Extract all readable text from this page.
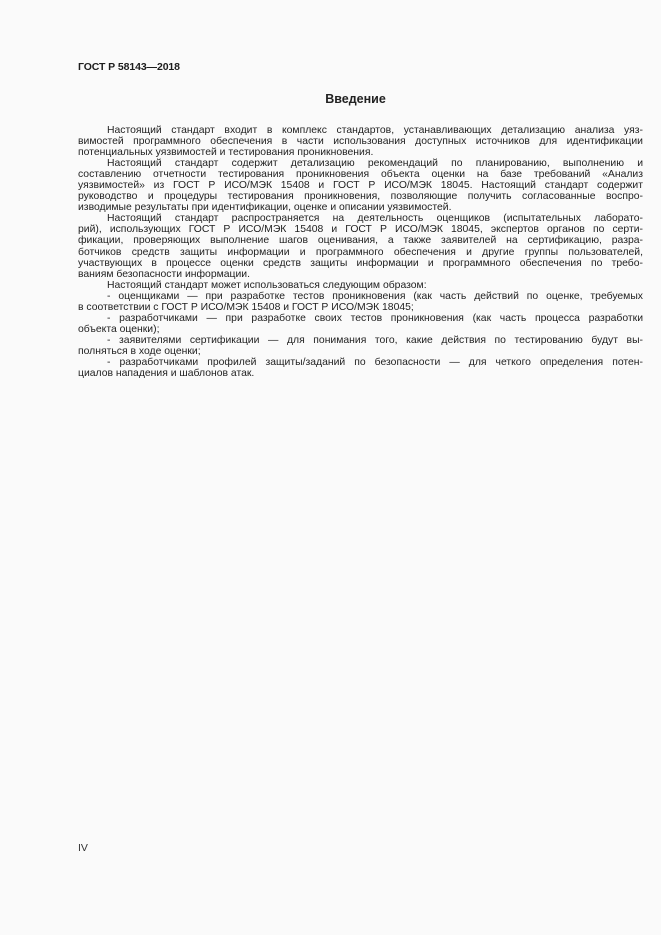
ГОСТ Р 58143—2018
Введение
Настоящий стандарт входит в комплекс стандартов, устанавливающих детализацию анализа уяз-
вимостей программного обеспечения в части использования доступных источников для идентификации
потенциальных уязвимостей и тестирования проникновения.
Настоящий стандарт содержит детализацию рекомендаций по планированию, выполнению и
составлению отчетности тестирования проникновения объекта оценки на базе требований «Анализ
уязвимостей» из ГОСТ Р ИСО/МЭК 15408 и ГОСТ Р ИСО/МЭК 18045. Настоящий стандарт содержит
руководство и процедуры тестирования проникновения, позволяющие получить согласованные воспро-
изводимые результаты при идентификации, оценке и описании уязвимостей.
Настоящий стандарт распространяется на деятельность оценщиков (испытательных лаборато-
рий), использующих ГОСТ Р ИСО/МЭК 15408 и ГОСТ Р ИСО/МЭК 18045, экспертов органов по серти-
фикации, проверяющих выполнение шагов оценивания, а также заявителей на сертификацию, разра-
ботчиков средств защиты информации и программного обеспечения и другие группы пользователей,
участвующих в процессе оценки средств защиты информации и программного обеспечения по требо-
ваниям безопасности информации.
Настоящий стандарт может использоваться следующим образом:
- оценщиками — при разработке тестов проникновения (как часть действий по оценке, требуемых
в соответствии с ГОСТ Р ИСО/МЭК 15408 и ГОСТ Р ИСО/МЭК 18045;
- разработчиками — при разработке своих тестов проникновения (как часть процесса разработки
объекта оценки);
- заявителями сертификации — для понимания того, какие действия по тестированию будут вы-
полняться в ходе оценки;
- разработчиками профилей защиты/заданий по безопасности — для четкого определения потен-
циалов нападения и шаблонов атак.
IV
